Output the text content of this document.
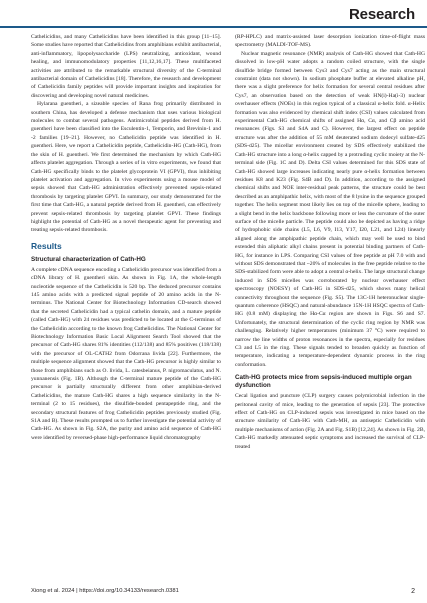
Research

Cathelicidins, and many Cathelicidins have been identified in this group [11–15]. Some studies have reported that Cathelicidins from amphibians exhibit antibacterial, anti-inflammatory, lipopolysaccharide (LPS) neutralizing, antioxidant, wound healing, and immunomodulatory properties [11,12,16,17]. These multifaceted activities are attributed to the remarkable structural diversity of the C-terminal antibacterial domain of Cathelicidins [18]. Therefore, the research and development of Cathelicidin family peptides will provide important insights and inspiration for discovering and developing novel natural medicines.

Hylarana guentheri, a sizeable species of Rana frog primarily distributed in southern China, has developed a defense mechanism that uses various biological molecules to combat several pathogens. Antimicrobial peptides derived from H. guentheri have been classified into the Esculentin-1, Temporin, and Brevinin-1 and -2 families [19–21]. However, no Cathelicidin peptide was identified in H. guentheri. Here, we report a Cathelicidin peptide, Cathelicidin-HG (Cath-HG), from the skin of H. guentheri. We first determined the mechanism by which Cath-HG affects platelet aggregation. Through a series of in vitro experiments, we found that Cath-HG specifically binds to the platelet glycoprotein VI (GPVI), thus inhibiting platelet activation and aggregation. In vivo experiments using a mouse model of sepsis showed that Cath-HG administration effectively prevented sepsis-related thrombosis by targeting platelet GPVI. In summary, our study demonstrated for the first time that Cath-HG, a natural peptide derived from H. guentheri, can effectively prevent sepsis-related thrombosis by targeting platelet GPVI. These findings highlight the potential of Cath-HG as a novel therapeutic agent for preventing and treating sepsis-related thrombosis.

Results
Structural characterization of Cath-HG

A complete cDNA sequence encoding a Cathelicidin precursor was identified from a cDNA library of H. guentheri skin. As shown in Fig. 1A, the whole-length nucleotide sequence of the Cathelicidin is 520 bp. The deduced precursor contains 145 amino acids with a predicted signal peptide of 20 amino acids in the N-terminus. The National Center for Biotechnology Information CD-search showed that the secreted Cathelicidin had a typical cathelin domain, and a mature peptide (called Cath-HG) with 24 residues was predicted to be located at the C-terminus of the Cathelicidin according to the known frog Cathelicidins. The National Center for Biotechnology Information Basic Local Alignment Search Tool showed that the precursor of Cath-HG shares 81% identities (112/138) and 85% positives (118/138) with the precursor of OL-CATH2 from Odorrana livida [22]. Furthermore, the multiple sequence alignment showed that the Cath-HG precursor is highly similar to those from amphibians such as O. livida, L. catesbeianus, P. nigromaculatus, and N. yunnanensis (Fig. 1B). Although the C-terminal mature peptide of the Cath-HG precursor is partially structurally different from other amphibian-derived Cathelicidins, the mature Cath-HG shares a high sequence similarity in the N-terminal (2 to 15 residues), the disulfide-bonded pentapeptide ring, and the secondary structural features of frog Cathelicidin peptides previously studied (Fig. S1A and B). These results prompted us to further investigate the potential activity of Cath-HG. As shown in Fig. S2A, the purity and amino acid sequence of Cath-HG were identified by reversed-phase high-performance liquid chromatography

(RP-HPLC) and matrix-assisted laser desorption ionization time-of-flight mass spectrometry (MALDI-TOF-MS).

Nuclear magnetic resonance (NMR) analysis of Cath-HG showed that Cath-HG dissolved in low-pH water adopts a random coiled structure, with the single disulfide bridge formed between Cys3 and Cys7 acting as the main structural constraint (data not shown). In sodium phosphate buffer at elevated alkaline pH, there was a slight preference for helix formation for several central residues after Cys7, an observation based on the detection of weak HN(i)-Ha(i-3) nuclear overhauser effects (NOEs) in this region typical of a classical α-helix fold. α-Helix formation was also evidenced by chemical shift index (CSI) values calculated from experimental Cath-HG chemical shifts of assigned Hα, Cα, and Cβ amino acid resonances (Figs. S3 and S4A and C). However, the largest effect on peptide structure was after the addition of 55 mM deuterated sodium dodecyl sulfate-d25 (SDS-d25). The micellar environment created by SDS effectively stabilized the Cath-HG structure into a long α-helix capped by a protruding cyclic moiety at the N-terminal side (Fig. 1C and D). Delta CSI values determined for this SDS state of Cath-HG showed large increases indicating nearly pure α-helix formation between residues K8 and K23 (Fig. S4B and D). In addition, according to the assigned chemical shifts and NOE inter-residual peak patterns, the structure could be best described as an amphipathic helix, with most of the 8 lysine in the sequence grouped together. The helix segment most likely lies on top of the micelle sphere, leading to a slight bend in the helix backbone following more or less the curvature of the outer surface of the micelle particle. The peptide could also be depicted as having a ridge of hydrophobic side chains (L5, L6, V9, I13, Y17, I20, L21, and L24) linearly aligned along the amphipathic peptide chain, which may well be used to bind extended thin aliphatic alkyl chains present in potential binding partners of Cath-HG, for instance in LPS. Comparing CSI values of free peptide at pH 7.0 with and without SDS demonstrated that ~20% of molecules in the free peptide relative to the SDS-stabilized form were able to adopt a central α-helix. The large structural change induced in SDS micelles was corroborated by nuclear overhauser effect spectroscopy (NOESY) of Cath-HG in SDS-d25, which shows many helical connectivity throughout the sequence (Fig. S5). The 13C-1H heteronuclear single-quantum coherence (HSQC) and natural-abundance 15N-1H HSQC spectra of Cath-HG (0.8 mM) displaying the Hα-Cα region are shown in Figs. S6 and S7. Unfortunately, the structural determination of the cyclic ring region by NMR was challenging. Relatively higher temperatures (minimum 37 °C) were required to narrow the line widths of proton resonances in the spectra, especially for residues C3 and L5 in the ring. These signals tended to broaden quickly as function of temperature, indicating a temperature-dependent dynamic process in the ring conformation.

Cath-HG protects mice from sepsis-induced multiple organ dysfunction

Cecal ligation and puncture (CLP) surgery causes polymicrobial infection in the peritoneal cavity of mice, leading to the generation of sepsis [23]. The protective effect of Cath-HG on CLP-induced sepsis was investigated in mice based on the structure similarity of Cath-HG with Cath-MH, an antiseptic Cathelicidin with multiple mechanisms of action (Fig. 2A and Fig. S1B) [12,24]. As shown in Fig. 2B, Cath-HG markedly attenuated septic symptoms and increased the survival of CLP-treated

Xiong et al. 2024 | https://doi.org/10.34133/research.0381	2
